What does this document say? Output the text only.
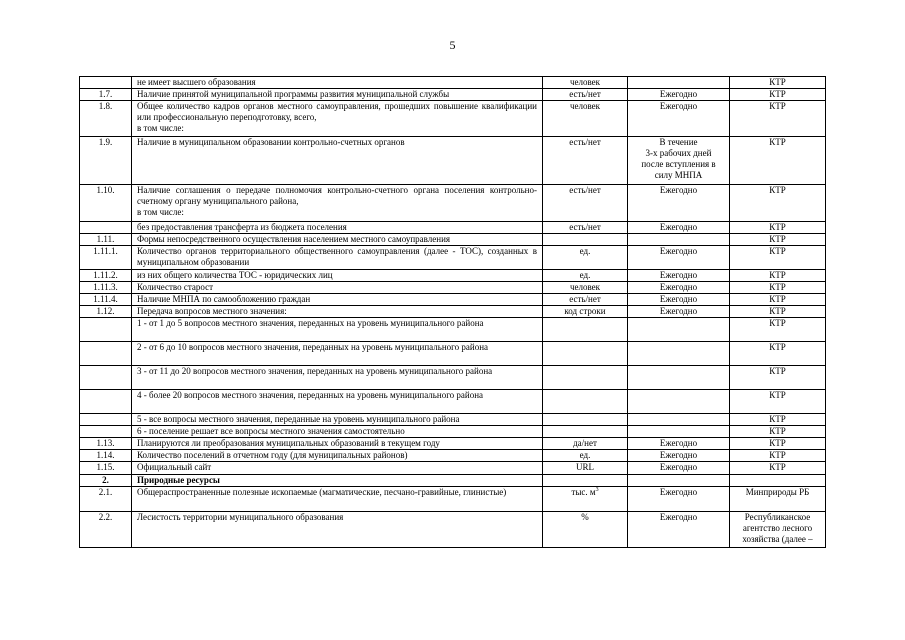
5

	не имеет высшего образования	человек		КТР

1.7.	Наличие принятой муниципальной программы развития муниципальной службы	есть/нет	Ежегодно	КТР

1.8.	Общее количество кадров органов местного самоуправления, прошедших повышение квалификации или профессиональную переподготовку, всего,
в том числе:	человек	Ежегодно	КТР

1.9.	Наличие в муниципальном образовании контрольно-счетных органов	есть/нет	В течение
3-х рабочих дней
после вступления в
силу МНПА	КТР

1.10.	Наличие соглашения о передаче полномочия контрольно-счетного органа поселения контрольно-счетному органу муниципального района,
в том числе:	есть/нет	Ежегодно	КТР

	без предоставления трансферта из бюджета поселения	есть/нет	Ежегодно	КТР

1.11.	Формы непосредственного осуществления населением местного самоуправления			КТР

1.11.1.	Количество органов территориального общественного самоуправления (далее - ТОС), созданных в муниципальном образовании	ед.	Ежегодно	КТР

1.11.2.	из них общего количества ТОС - юридических лиц	ед.	Ежегодно	КТР

1.11.3.	Количество старост	человек	Ежегодно	КТР

1.11.4.	Наличие МНПА по самообложению граждан	есть/нет	Ежегодно	КТР

1.12.	Передача вопросов местного значения:	код строки	Ежегодно	КТР

	1 - от 1 до 5 вопросов местного значения, переданных на уровень муниципального района			КТР

	2 - от 6 до 10 вопросов местного значения, переданных на уровень муниципального района			КТР

	3 - от 11 до 20 вопросов местного значения, переданных на уровень муниципального района			КТР

	4 - более 20 вопросов местного значения, переданных на уровень муниципального района			КТР

	5 - все вопросы местного значения, переданные на уровень муниципального района			КТР

	6 - поселение решает все вопросы местного значения самостоятельно			КТР

1.13.	Планируются ли преобразования муниципальных образований в текущем году	да/нет	Ежегодно	КТР

1.14.	Количество поселений в отчетном году (для муниципальных районов)	ед.	Ежегодно	КТР

1.15.	Официальный сайт	URL	Ежегодно	КТР

2.	Природные ресурсы			

2.1.	Общераспространенные полезные ископаемые (магматические, песчано-гравийные, глинистые)	тыс. $м^3$	Ежегодно	Минприроды РБ

2.2.	Лесистость территории муниципального образования	%	Ежегодно	Республиканское
агентство лесного
хозяйства (далее –
